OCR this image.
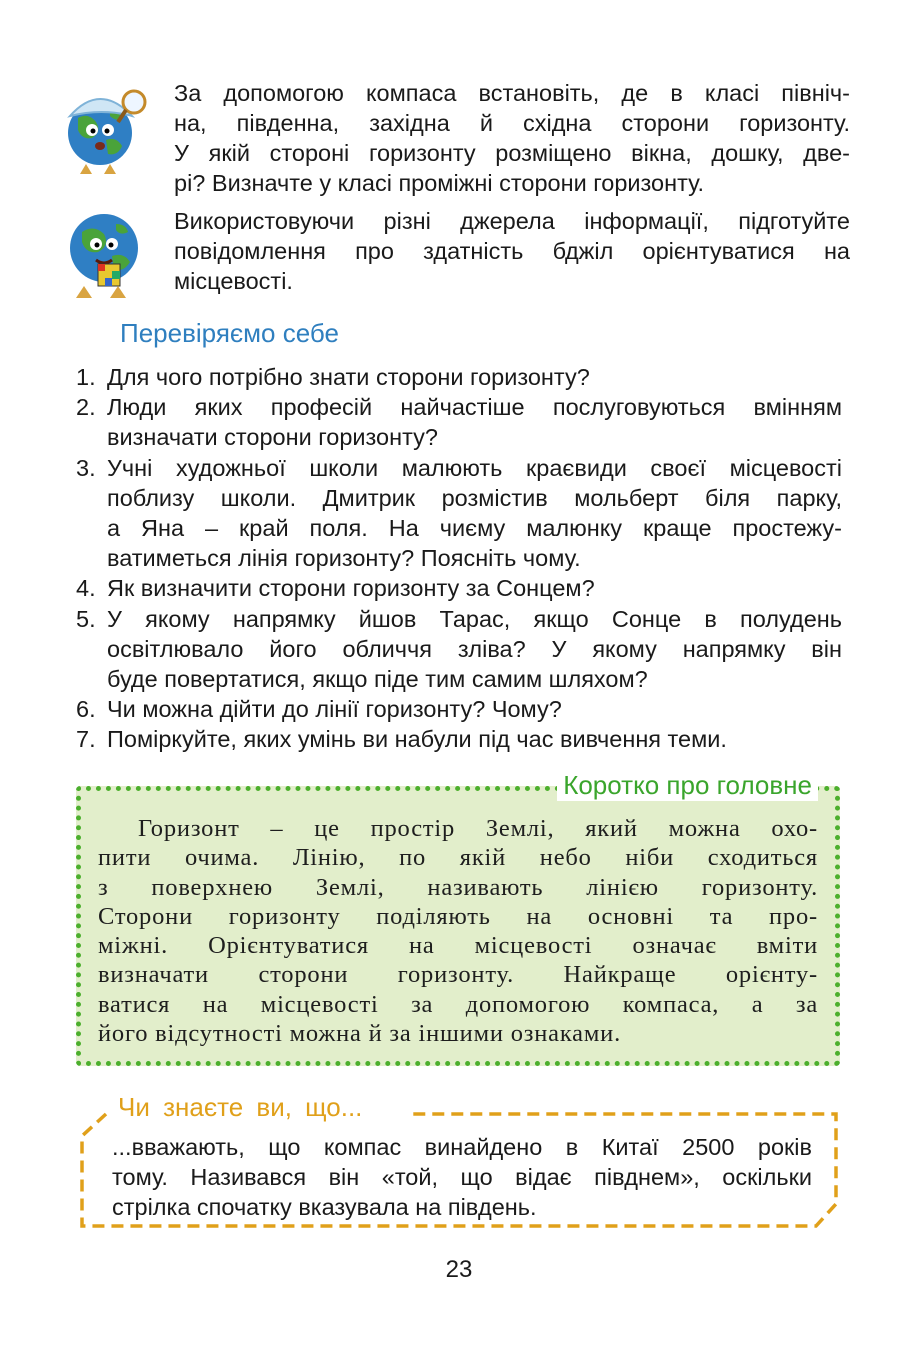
За допомогою компаса встановіть, де в класі північ-
на, південна, західна й східна сторони горизонту.
У якій стороні горизонту розміщено вікна, дошку, две-
рі? Визначте у класі проміжні сторони горизонту.
Використовуючи різні джерела інформації, підготуйте
повідомлення про здатність бджіл орієнтуватися на
місцевості.
Перевіряємо себе
1. Для чого потрібно знати сторони горизонту?
2. Люди яких професій найчастіше послуговуються вмінням
визначати сторони горизонту?
3. Учні художньої школи малюють краєвиди своєї місцевості
поблизу школи. Дмитрик розмістив мольберт біля парку,
а Яна – край поля. На чиєму малюнку краще простежу-
ватиметься лінія горизонту? Поясніть чому.
4. Як визначити сторони горизонту за Сонцем?
5. У якому напрямку йшов Тарас, якщо Сонце в полудень
освітлювало його обличчя зліва? У якому напрямку він
буде повертатися, якщо піде тим самим шляхом?
6. Чи можна дійти до лінії горизонту? Чому?
7. Поміркуйте, яких умінь ви набули під час вивчення теми.
Коротко про головне
Горизонт – це простір Землі, який можна охо-
пити очима. Лінію, по якій небо ніби сходиться
з поверхнею Землі, називають лінією горизонту.
Сторони горизонту поділяють на основні та про-
міжні. Орієнтуватися на місцевості означає вміти
визначати сторони горизонту. Найкраще орієнту-
ватися на місцевості за допомогою компаса, а за
його відсутності можна й за іншими ознаками.
Чи знаєте ви, що...
...вважають, що компас винайдено в Китаї 2500 років
тому. Називався він «той, що відає півднем», оскільки
стрілка спочатку вказувала на південь.
23
